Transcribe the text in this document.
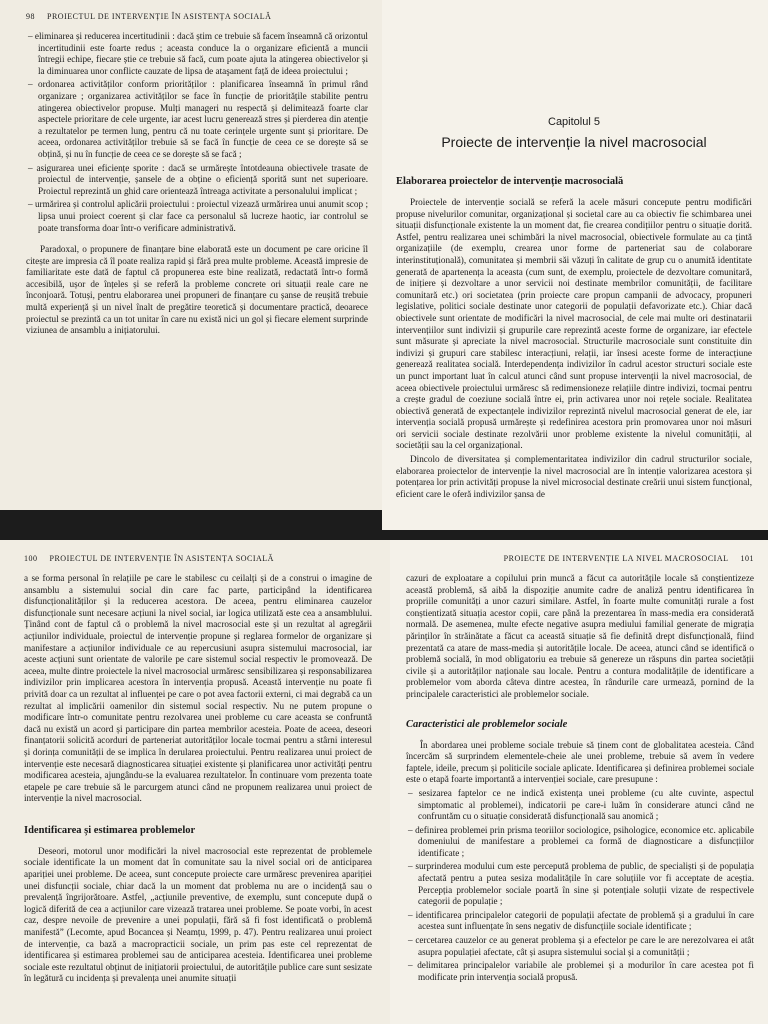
98 PROIECTUL DE INTERVENȚIE ÎN ASISTENȚA SOCIALĂ
– eliminarea și reducerea incertitudinii : dacă știm ce trebuie să facem înseamnă că orizontul incertitudinii este foarte redus ; aceasta conduce la o organizare eficientă a muncii întregii echipe, fiecare știe ce trebuie să facă, cum poate ajuta la atingerea obiectivelor și la diminuarea unor conflicte cauzate de lipsa de ataşament față de ideea proiectului ;
– ordonarea activităților conform priorităților : planificarea înseamnă în primul rând organizare ; organizarea activităților se face în funcție de prioritățile stabilite pentru atingerea obiectivelor propuse. Mulți manageri nu respectă și delimitează foarte clar aspectele prioritare de cele urgente, iar acest lucru generează stres și pierderea din atenție a rezultatelor pe termen lung, pentru că nu toate cerințele urgente sunt și prioritare. De aceea, ordonarea activităților trebuie să se facă în funcție de ceea ce se dorește să se obțină, și nu în funcție de ceea ce se dorește să se facă ;
– asigurarea unei eficiențe sporite : dacă se urmărește întotdeauna obiectivele trasate de proiectul de intervenție, șansele de a obține o eficiență sporită sunt net superioare. Proiectul reprezintă un ghid care orientează întreaga activitate a personalului implicat ;
– urmărirea și controlul aplicării proiectului : proiectul vizează urmărirea unui anumit scop ; lipsa unui proiect coerent și clar face ca personalul să lucreze haotic, iar controlul se poate transforma doar într-o verificare administrativă.

Paradoxal, o propunere de finanțare bine elaborată este un document pe care oricine îl citește are impresia că îl poate realiza rapid și fără prea multe probleme. Această impresie de familiaritate este dată de faptul că propunerea este bine realizată, redactată într-o formă accesibilă, ușor de înțeles și se referă la probleme concrete ori situații reale care ne înconjoară. Totuși, pentru elaborarea unei propuneri de finanțare cu șanse de reușită trebuie multă experiență și un nivel înalt de pregătire teoretică și documentare practică, deoarece proiectul se prezintă ca un tot unitar în care nu există nici un gol și fiecare element surprinde viziunea de ansamblu a inițiatorului.

Capitolul 5
Proiecte de intervenție la nivel macrosocial
Elaborarea proiectelor de intervenție macrosocială

Proiectele de intervenție socială se referă la acele măsuri concepute pentru modificări propuse nivelurilor comunitar, organizațional și societal care au ca obiectiv fie schimbarea unei situații disfuncționale existente la un moment dat, fie crearea condițiilor pentru o situație dorită. Astfel, pentru realizarea unei schimbări la nivel macrosocial, obiectivele formulate au ca țintă organizațiile (de exemplu, crearea unor forme de parteneriat sau de colaborare interinstituțională), comunitatea și membrii săi văzuți în calitate de grup cu o anumită identitate generată de apartenența la aceasta (cum sunt, de exemplu, proiectele de dezvoltare comunitară, de inițiere și dezvoltare a unor servicii noi destinate membrilor comunității, de facilitare comunitară etc.) ori societatea (prin proiecte care propun campanii de advocacy, propuneri legislative, politici sociale destinate unor categorii de populații defavorizate etc.). Chiar dacă obiectivele sunt orientate de modificări la nivel macrosocial, de cele mai multe ori destinatarii intervențiilor sunt indivizii și grupurile care reprezintă aceste forme de organizare, iar efectele sunt măsurate și apreciate la nivel macrosocial. Structurile macrosociale sunt constituite din indivizi și grupuri care stabilesc interacțiuni, relații, iar însesi aceste forme de interacțiune generează realitatea socială. Interdependența indivizilor în cadrul acestor structuri sociale este un punct important luat în calcul atunci când sunt propuse intervenții la nivel macrosocial, de aceea obiectivele proiectului urmăresc să redimensioneze relațiile dintre indivizi, tocmai pentru a crește gradul de coeziune socială între ei, prin activarea unor noi rețele sociale. Realitatea obiectivă generată de expectanțele indivizilor reprezintă nivelul macrosocial generat de ele, iar intervenția socială propusă urmărește și redefinirea acestora prin promovarea unor noi măsuri ori servicii sociale destinate rezolvării unor probleme existente la nivelul comunității, al societății sau la cel organizațional.

Dincolo de diversitatea și complementaritatea indivizilor din cadrul structurilor sociale, elaborarea proiectelor de intervenție la nivel macrosocial are în intenție valorizarea acestora și potențarea lor prin activități propuse la nivel microsocial destinate creării unui sistem funcțional, eficient care le oferă indivizilor șansa de

100 PROIECTUL DE INTERVENȚIE ÎN ASISTENȚA SOCIALĂ

a se forma personal în relațiile pe care le stabilesc cu ceilalți și de a construi o imagine de ansamblu a sistemului social din care fac parte, participând la identificarea disfuncționalităților și la reducerea acestora. De aceea, pentru eliminarea cauzelor disfuncționale sunt necesare acțiuni la nivel social, iar logica utilizată este cea a ansamblului. Ținând cont de faptul că o problemă la nivel macrosocial este și un rezultat al agregării acțiunilor individuale, proiectul de intervenție propune și reglarea formelor de organizare și manifestare a acțiunilor individuale ce au repercusiuni asupra sistemului macrosocial, iar aceste acțiuni sunt orientate de valorile pe care sistemul social respectiv le promovează. De aceea, multe dintre proiectele la nivel macrosocial urmăresc sensibilizarea și responsabilizarea indivizilor prin implicarea acestora în intervenția propusă. Această intervenție nu poate fi privită doar ca un rezultat al influenței pe care o pot avea factorii externi, ci mai degrabă ca un rezultat al implicării oamenilor din sistemul social respectiv. Nu ne putem propune o modificare într-o comunitate pentru rezolvarea unei probleme cu care aceasta se confruntă dacă nu există un acord și participare din partea membrilor acesteia. Poate de aceea, deseori finanțatorii solicită acorduri de parteneriat autorităților locale tocmai pentru a stârni interesul și dorința comunității de se implica în derularea proiectului. Pentru realizarea unui proiect de intervenție este necesară diagnosticarea situației existente și planificarea unor activități pentru modificarea acesteia, ajungându-se la evaluarea rezultatelor. În continuare vom prezenta toate etapele pe care trebuie să le parcurgem atunci când ne propunem realizarea unui proiect de intervenție la nivel macrosocial.

Identificarea și estimarea problemelor

Deseori, motorul unor modificări la nivel macrosocial este reprezentat de problemele sociale identificate la un moment dat în comunitate sau la nivel social ori de anticiparea apariției unei probleme. De aceea, sunt concepute proiecte care urmăresc prevenirea apariției unei disfuncții sociale, chiar dacă la un moment dat problema nu are o incidență sau o prevalență îngrijorătoare. Astfel, „acțiunile preventive, de exemplu, sunt concepute după o logică diferită de cea a acțiunilor care vizează tratarea unei probleme. Se poate vorbi, în acest caz, despre nevoile de prevenire a unei populații, fără să fi fost identificată o problemă manifestă” (Lecomte, apud Bocancea și Neamțu, 1999, p. 47). Pentru realizarea unui proiect de intervenție, ca bază a macropracticii sociale, un prim pas este cel reprezentat de identificarea și estimarea problemei sau de anticiparea acesteia. Identificarea unei probleme sociale este rezultatul obținut de inițiatorii proiectului, de autoritățile publice care sunt sesizate în legătură cu incidența și prevalența unei anumite situații

PROIECTE DE INTERVENȚIE LA NIVEL MACROSOCIAL 101

cazuri de exploatare a copilului prin muncă a făcut ca autoritățile locale să conștientizeze această problemă, să aibă la dispoziție anumite cadre de analiză pentru identificarea în propriile comunități a unor cazuri similare. Astfel, în foarte multe comunități rurale a fost conștientizată situația acestor copii, care până la prezentarea în mass-media era considerată normală. De asemenea, multe efecte negative asupra mediului familial generate de migrația părinților în străinătate a făcut ca această situație să fie definită drept disfuncțională, fiind prezentată ca atare de mass-media și autoritățile locale. De aceea, atunci când se identifică o problemă socială, în mod obligatoriu ea trebuie să genereze un răspuns din partea societății civile și a autorităților naționale sau locale. Pentru a contura modalitățile de identificare a problemelor vom aborda câteva dintre acestea, în rândurile care urmează, pornind de la principalele caracteristici ale problemelor sociale.

Caracteristici ale problemelor sociale

În abordarea unei probleme sociale trebuie să ținem cont de globalitatea acesteia. Când încercăm să surprindem elementele-cheie ale unei probleme, trebuie să avem în vedere faptele, ideile, precum și politicile sociale aplicate. Identificarea și definirea problemei sociale este o etapă foarte importantă a intervenției sociale, care presupune :

– sesizarea faptelor ce ne indică existența unei probleme (cu alte cuvinte, aspectul simptomatic al problemei), indicatorii pe care-i luăm în considerare atunci când ne confruntăm cu o situație considerată disfuncțională sau anomică ;
– definirea problemei prin prisma teoriilor sociologice, psihologice, economice etc. aplicabile domeniului de manifestare a problemei ca formă de diagnosticare a disfuncțiilor identificate ;
– surprinderea modului cum este percepută problema de public, de specialiști și de populația afectată pentru a putea sesiza modalitățile în care soluțiile vor fi acceptate de aceștia. Percepția problemelor sociale poartă în sine și potențiale soluții vizate de respectivele categorii de populație ;
– identificarea principalelor categorii de populații afectate de problemă și a gradului în care acestea sunt influențate în sens negativ de disfuncțiile sociale identificate ;
– cercetarea cauzelor ce au generat problema și a efectelor pe care le are nerezolvarea ei atât asupra populației afectate, cât și asupra sistemului social și a comunității ;
– delimitarea principalelor variabile ale problemei și a modurilor în care acestea pot fi modificate prin intervenția socială propusă.
